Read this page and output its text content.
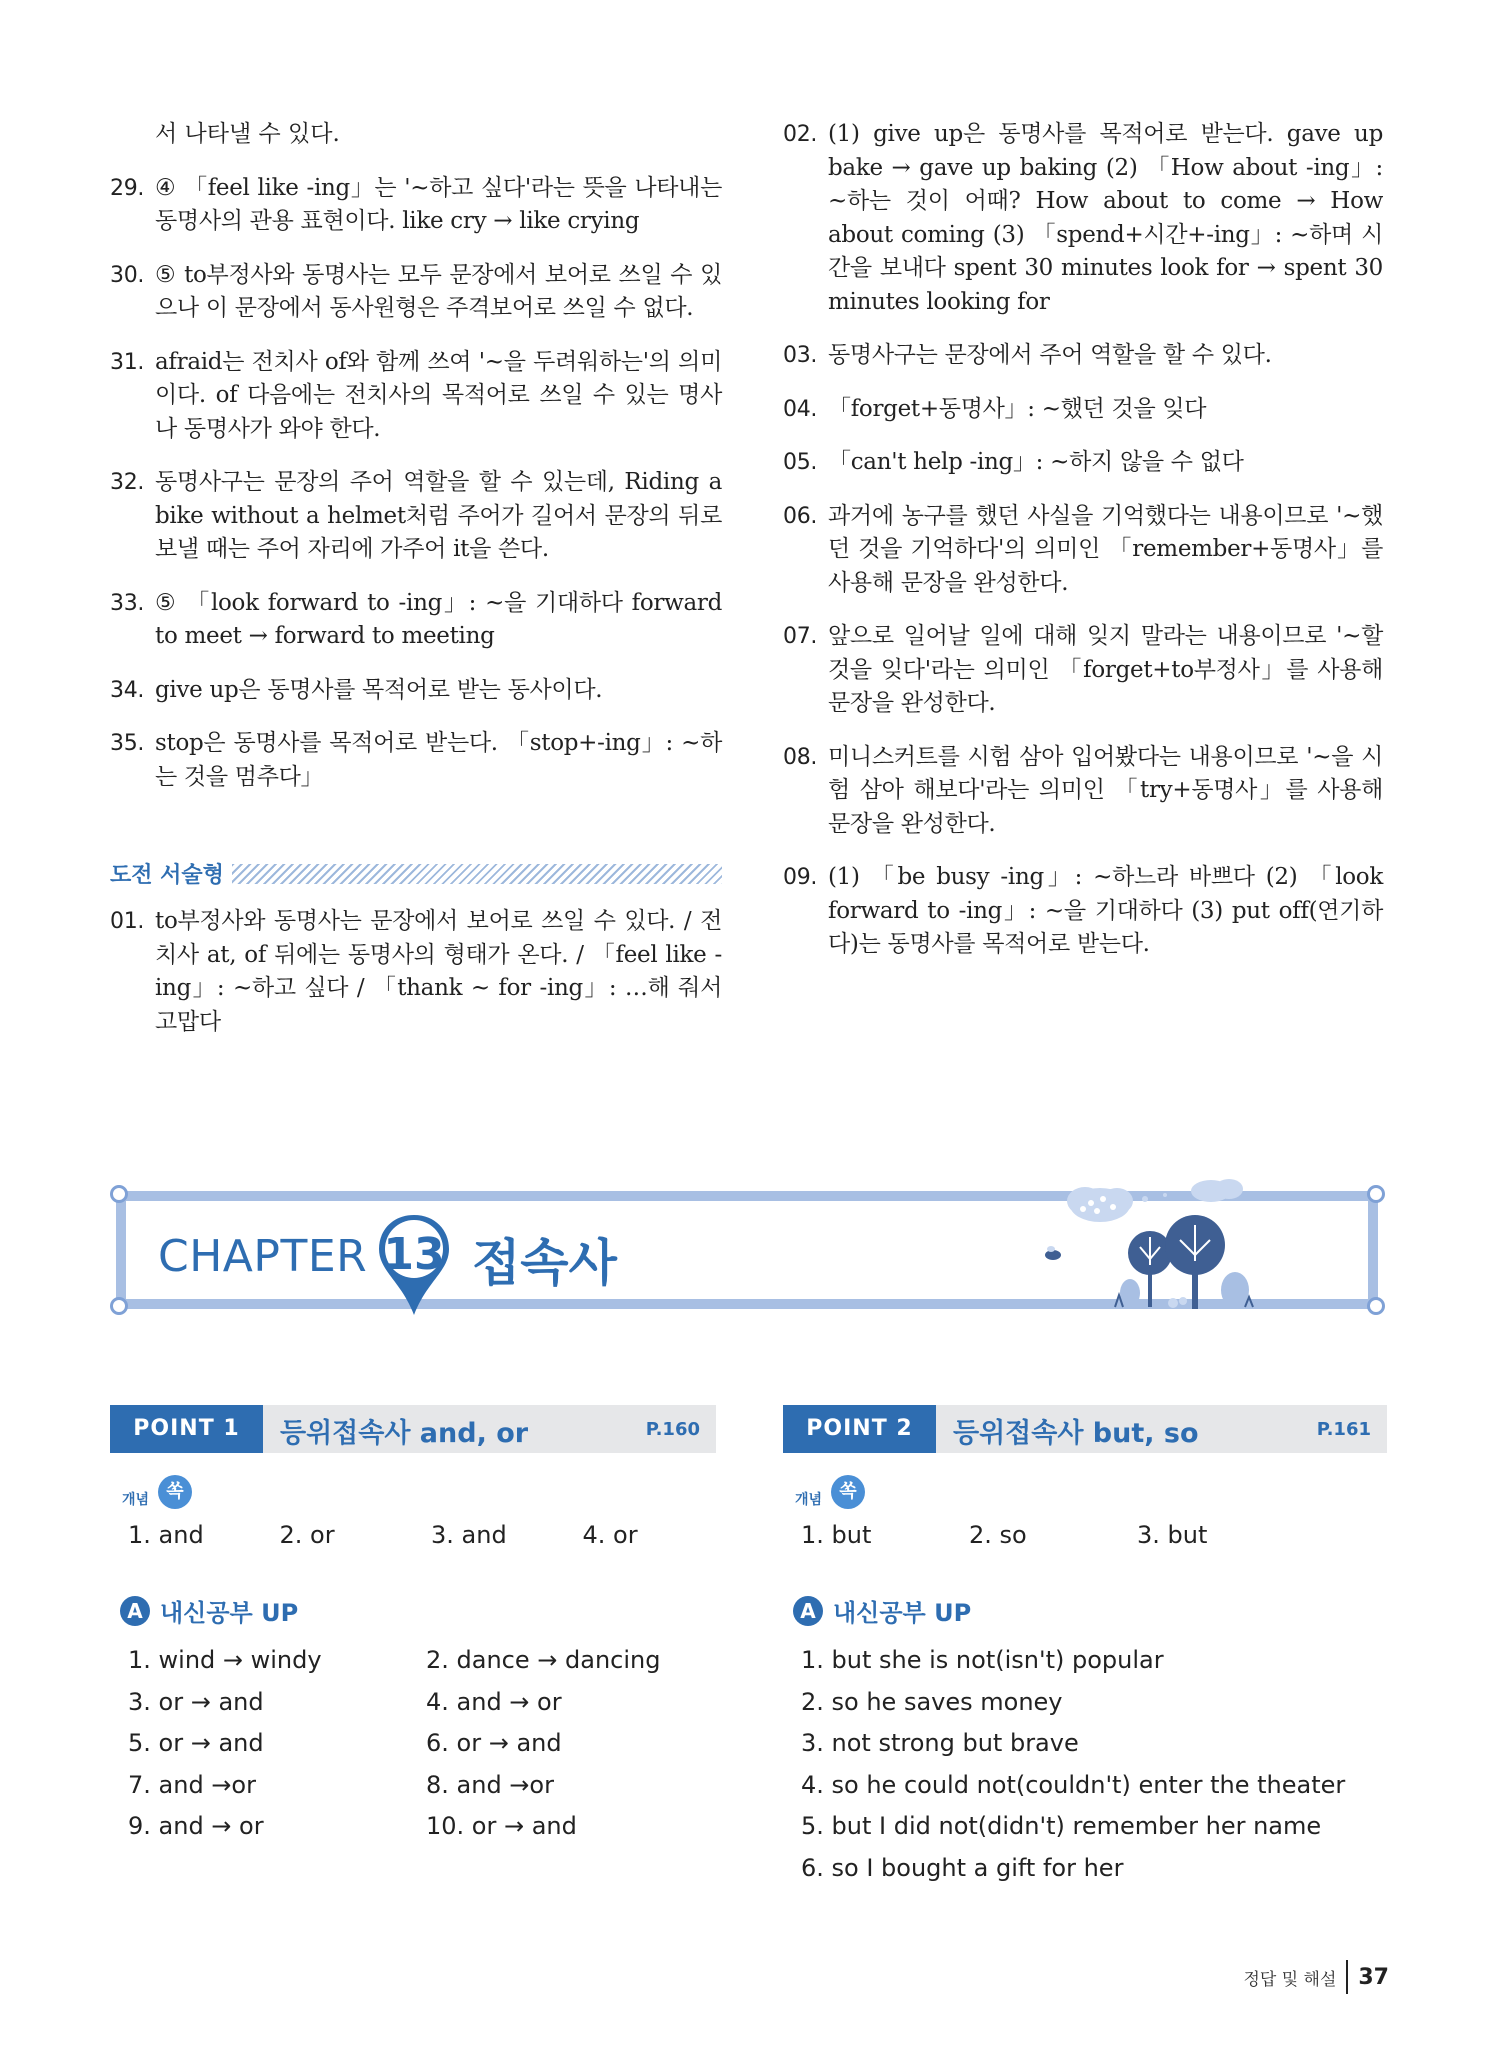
서 나타낼 수 있다.
29. ④ 「feel like -ing」는 '~하고 싶다'라는 뜻을 나타내는 동명사의 관용 표현이다. like cry → like crying
30. ⑤ to부정사와 동명사는 모두 문장에서 보어로 쓰일 수 있으나 이 문장에서 동사원형은 주격보어로 쓰일 수 없다.
31. afraid는 전치사 of와 함께 쓰여 '~을 두려워하는'의 의미이다. of 다음에는 전치사의 목적어로 쓰일 수 있는 명사나 동명사가 와야 한다.
32. 동명사구는 문장의 주어 역할을 할 수 있는데, Riding a bike without a helmet처럼 주어가 길어서 문장의 뒤로 보낼 때는 주어 자리에 가주어 it을 쓴다.
33. ⑤ 「look forward to -ing」: ~을 기대하다 forward to meet → forward to meeting
34. give up은 동명사를 목적어로 받는 동사이다.
35. stop은 동명사를 목적어로 받는다. 「stop+-ing」: ~하는 것을 멈추다」
도전 서술형
01. to부정사와 동명사는 문장에서 보어로 쓰일 수 있다. / 전치사 at, of 뒤에는 동명사의 형태가 온다. / 「feel like -ing」: ~하고 싶다 / 「thank ~ for -ing」: …해 줘서 고맙다
02. (1) give up은 동명사를 목적어로 받는다. gave up bake → gave up baking (2) 「How about -ing」: ~하는 것이 어때? How about to come → How about coming (3) 「spend+시간+-ing」: ~하며 시간을 보내다 spent 30 minutes look for → spent 30 minutes looking for
03. 동명사구는 문장에서 주어 역할을 할 수 있다.
04. 「forget+동명사」: ~했던 것을 잊다
05. 「can't help -ing」: ~하지 않을 수 없다
06. 과거에 농구를 했던 사실을 기억했다는 내용이므로 '~했던 것을 기억하다'의 의미인 「remember+동명사」를 사용해 문장을 완성한다.
07. 앞으로 일어날 일에 대해 잊지 말라는 내용이므로 '~할 것을 잊다'라는 의미인 「forget+to부정사」를 사용해 문장을 완성한다.
08. 미니스커트를 시험 삼아 입어봤다는 내용이므로 '~을 시험 삼아 해보다'라는 의미인 「try+동명사」를 사용해 문장을 완성한다.
09. (1) 「be busy -ing」: ~하느라 바쁘다 (2) 「look forward to -ing」: ~을 기대하다 (3) put off(연기하다)는 동명사를 목적어로 받는다.
CHAPTER 13 접속사
POINT 1	등위접속사 and, or	P.160
개념 쏙
1. and	2. or	3. and	4. or
A 내신공부 UP
1. wind → windy	2. dance → dancing
3. or → and	4. and → or
5. or → and	6. or → and
7. and →or	8. and →or
9. and → or	10. or → and
POINT 2	등위접속사 but, so	P.161
개념 쏙
1. but	2. so	3. but
A 내신공부 UP
1. but she is not(isn't) popular
2. so he saves money
3. not strong but brave
4. so he could not(couldn't) enter the theater
5. but I did not(didn't) remember her name
6. so I bought a gift for her
정답 및 해설 37
